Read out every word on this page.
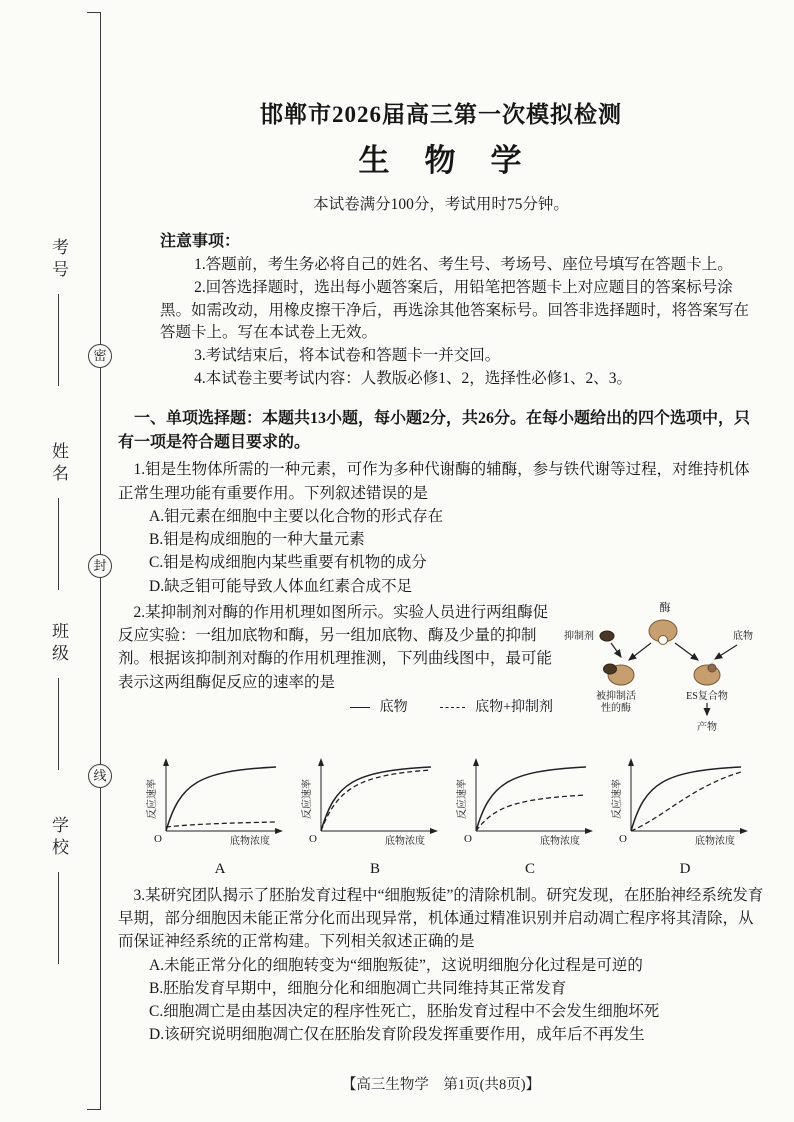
考号
姓名
班级
学校
密
封
线
邯郸市2026届高三第一次模拟检测
生　物　学
本试卷满分100分，考试用时75分钟。
注意事项：
1.答题前，考生务必将自己的姓名、考生号、考场号、座位号填写在答题卡上。
2.回答选择题时，选出每小题答案后，用铅笔把答题卡上对应题目的答案标号涂黑。如需改动，用橡皮擦干净后，再选涂其他答案标号。回答非选择题时，将答案写在答题卡上。写在本试卷上无效。
3.考试结束后，将本试卷和答题卡一并交回。
4.本试卷主要考试内容：人教版必修1、2，选择性必修1、2、3。
一、单项选择题：本题共13小题，每小题2分，共26分。在每小题给出的四个选项中，只有一项是符合题目要求的。
1.钼是生物体所需的一种元素，可作为多种代谢酶的辅酶，参与铁代谢等过程，对维持机体正常生理功能有重要作用。下列叙述错误的是
A.钼元素在细胞中主要以化合物的形式存在
B.钼是构成细胞的一种大量元素
C.钼是构成细胞内某些重要有机物的成分
D.缺乏钼可能导致人体血红素合成不足
酶
抑制剂	底物
被抑制活
性的酶
ES复合物
产物
2.某抑制剂对酶的作用机理如图所示。实验人员进行两组酶促反应实验：一组加底物和酶，另一组加底物、酶及少量的抑制剂。根据该抑制剂对酶的作用机理推测，下列曲线图中，最可能表示这两组酶促反应的速率的是
底物	底物+抑制剂
反应速率
O	底物浓度
A
反应速率
O	底物浓度
B
反应速率
O	底物浓度
C
反应速率
O	底物浓度
D
3.某研究团队揭示了胚胎发育过程中“细胞叛徒”的清除机制。研究发现，在胚胎神经系统发育早期，部分细胞因未能正常分化而出现异常，机体通过精准识别并启动凋亡程序将其清除，从而保证神经系统的正常构建。下列相关叙述正确的是
A.未能正常分化的细胞转变为“细胞叛徒”，这说明细胞分化过程是可逆的
B.胚胎发育早期中，细胞分化和细胞凋亡共同维持其正常发育
C.细胞凋亡是由基因决定的程序性死亡，胚胎发育过程中不会发生细胞坏死
D.该研究说明细胞凋亡仅在胚胎发育阶段发挥重要作用，成年后不再发生
【高三生物学　第1页(共8页)】
